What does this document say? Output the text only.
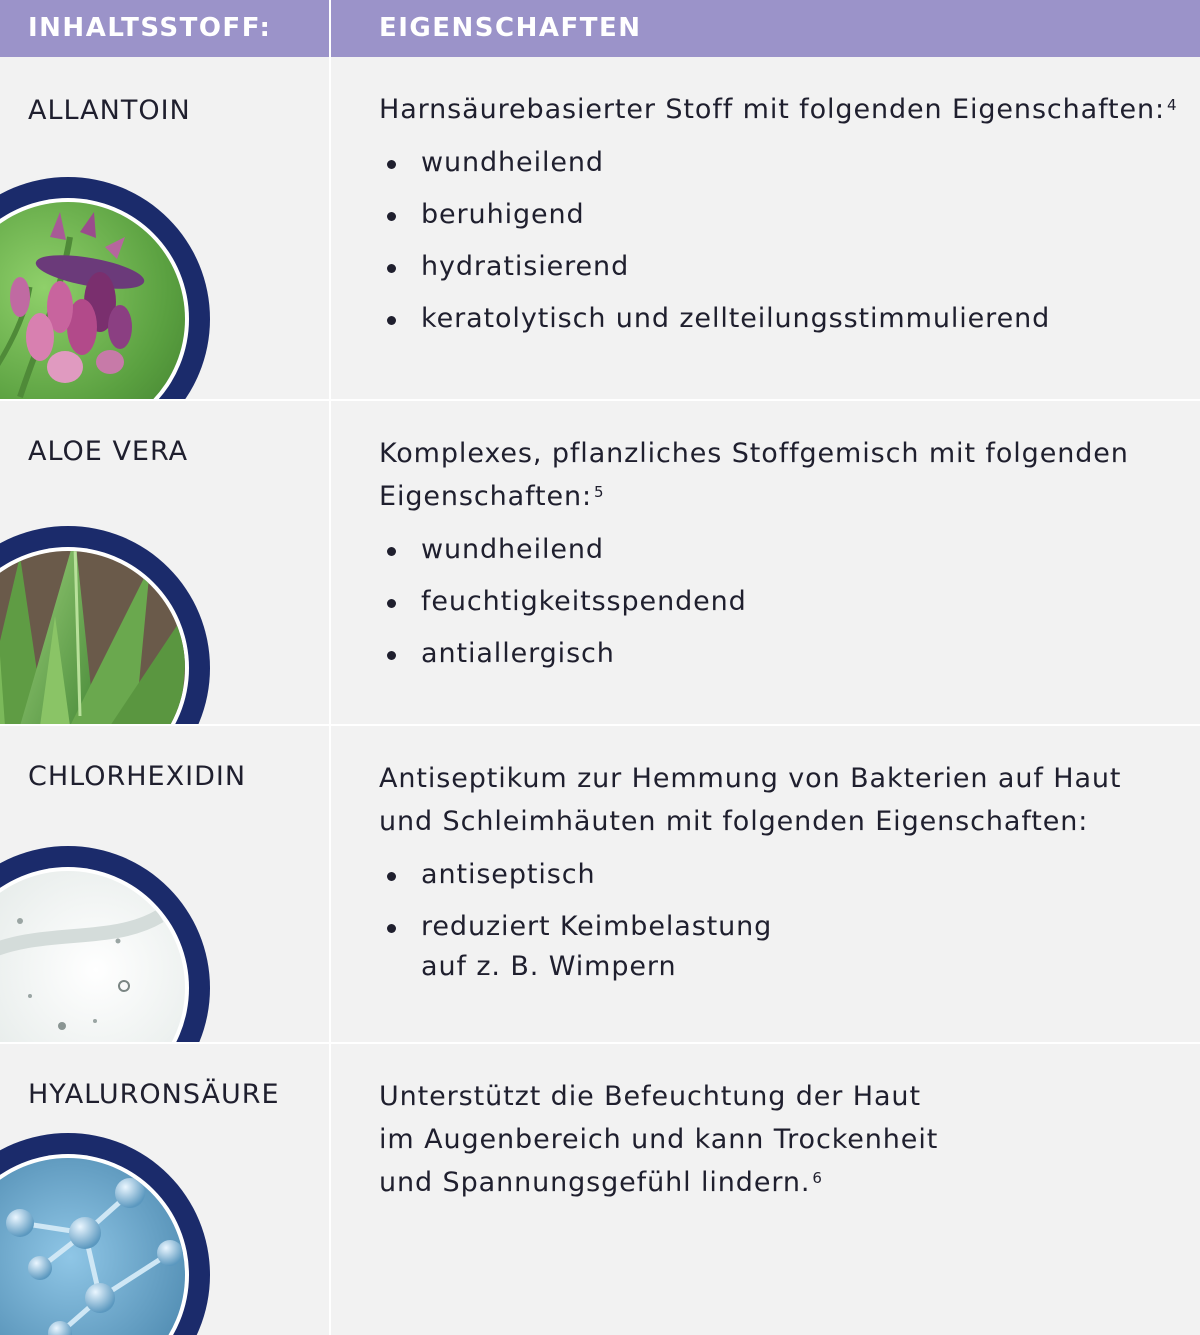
INHALTSSTOFF:	EIGENSCHAFTEN
ALLANTOIN	Harnsäurebasierter Stoff mit folgenden Eigenschaften: $^4$

wundheilend
beruhigend
hydratisierend
keratolytisch und zellteilungsstimmulierend
ALOE VERA	Komplexes, pflanzliches Stoffgemisch mit folgenden Eigenschaften: $^5$

wundheilend
feuchtigkeitsspendend
antiallergisch
CHLORHEXIDIN	Antiseptikum zur Hemmung von Bakterien auf Haut und Schleimhäuten mit folgenden Eigenschaften:

antiseptisch
reduziert Keimbelastung auf z. B. Wimpern
HYALURONSÄURE	Unterstützt die Befeuchtung der Haut im Augenbereich und kann Trockenheit und Spannungsgefühl lindern. $^6$
